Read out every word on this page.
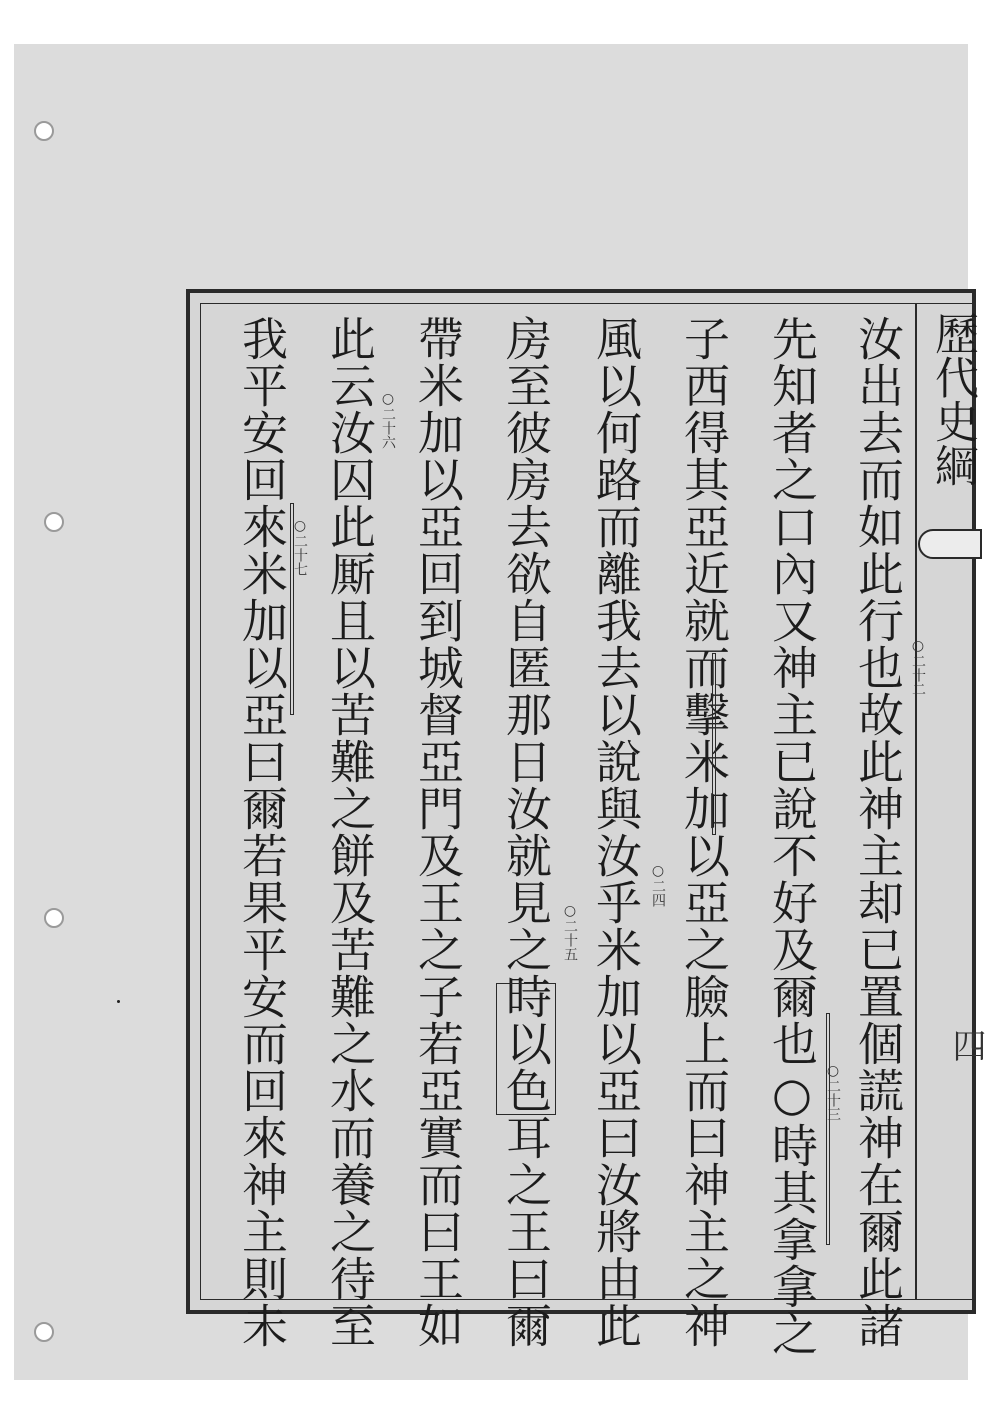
歷代史綱
汝出去而如此行也故此神主却已置個謊神在爾此諸
先知者之口內又神主已說不好及爾也○時其拿拿之
子西得其亞近就而擊米加以亞之臉上而曰神主之神
風以何路而離我去以說與汝乎米加以亞曰汝將由此
房至彼房去欲自匿那日汝就見之時以色耳之王曰爾
帶米加以亞回到城督亞門及王之子若亞實而曰王如
此云汝囚此厮且以苦難之餅及苦難之水而養之待至
我平安回來米加以亞曰爾若果平安而回來神主則未	○二十二
○二十三
○二四
○二十五
○二十六
○二十七
四
